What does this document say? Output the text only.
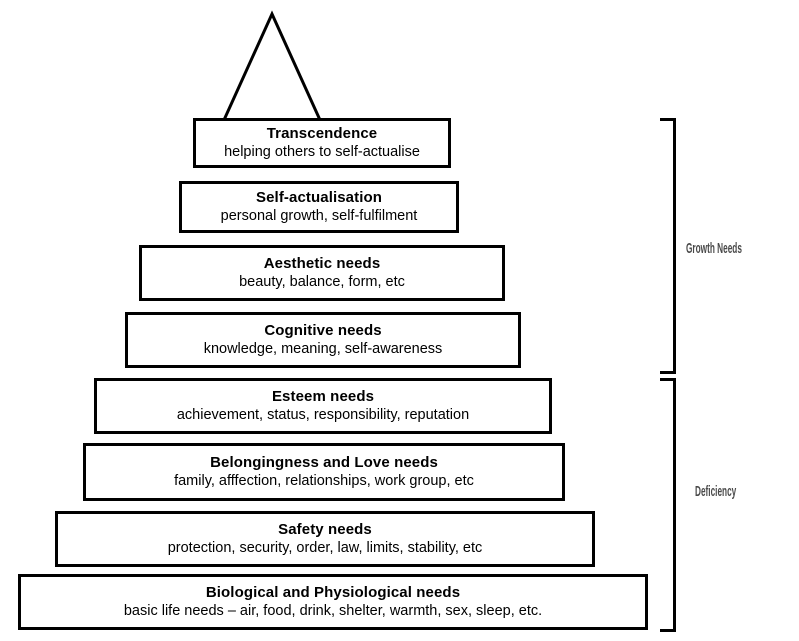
Transcendence
helping others to self-actualise
Self-actualisation
personal growth, self-fulfilment
Aesthetic needs
beauty, balance, form, etc
Cognitive needs
knowledge, meaning, self-awareness
Esteem needs
achievement, status, responsibility, reputation
Belongingness and Love needs
family, afffection, relationships, work group, etc
Safety needs
protection, security, order, law, limits, stability, etc
Biological and Physiological needs
basic life needs – air, food, drink, shelter, warmth, sex, sleep, etc.
Growth Needs
Deficiency
